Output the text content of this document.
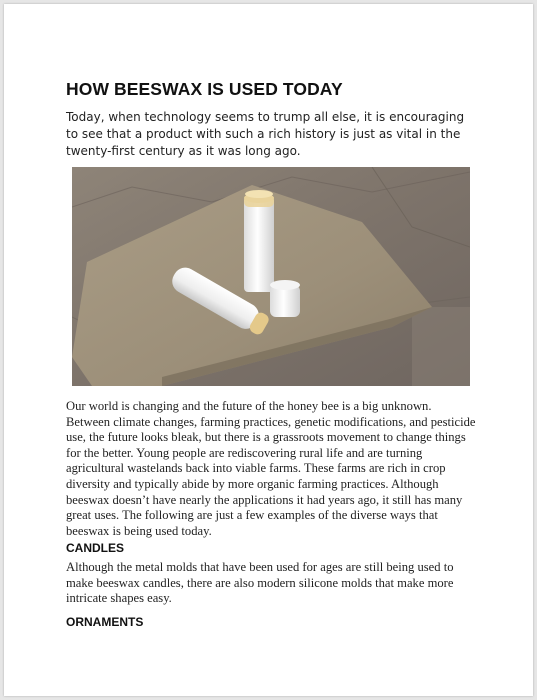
HOW BEESWAX IS USED TODAY

Today, when technology seems to trump all else, it is encouraging to see that a product with such a rich history is just as vital in the twenty-first century as it was long ago.

Our world is changing and the future of the honey bee is a big unknown. Between climate changes, farming practices, genetic modifications, and pesticide use, the future looks bleak, but there is a grassroots movement to change things for the better. Young people are rediscovering rural life and are turning agricultural wastelands back into viable farms. These farms are rich in crop diversity and typically abide by more organic farming practices. Although beeswax doesn’t have nearly the applications it had years ago, it still has many great uses. The following are just a few examples of the diverse ways that beeswax is being used today.

CANDLES

Although the metal molds that have been used for ages are still being used to make beeswax candles, there are also modern silicone molds that make more intricate shapes easy.

ORNAMENTS
